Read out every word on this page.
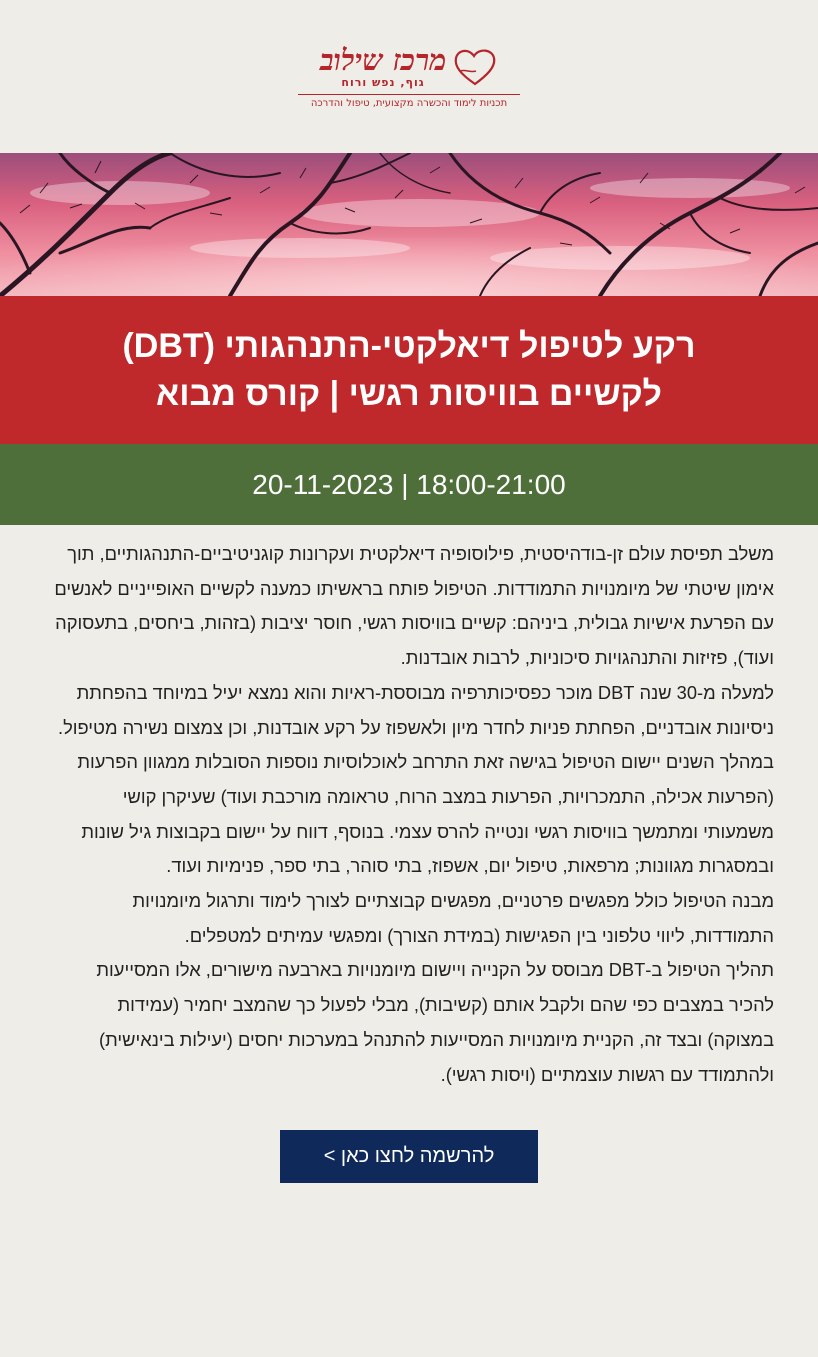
מרכז שילוב
גוף, נפש ורוח
תכניות לימוד והכשרה מקצועית, טיפול והדרכה
רקע לטיפול דיאלקטי-התנהגותי (DBT)
לקשיים בוויסות רגשי | קורס מבוא
20-11-2023 | 18:00-21:00

משלב תפיסת עולם זן-בודהיסטית, פילוסופיה דיאלקטית ועקרונות קוגניטיביים-התנהגותיים, תוך אימון שיטתי של מיומנויות התמודדות. הטיפול פותח בראשיתו כמענה לקשיים האופייניים לאנשים עם הפרעת אישיות גבולית, ביניהם: קשיים בוויסות רגשי, חוסר יציבות (בזהות, ביחסים, בתעסוקה ועוד), פזיזות והתנהגויות סיכוניות, לרבות אובדנות.

למעלה מ-30 שנה DBT מוכר כפסיכותרפיה מבוססת-ראיות והוא נמצא יעיל במיוחד בהפחתת ניסיונות אובדניים, הפחתת פניות לחדר מיון ולאשפוז על רקע אובדנות, וכן צמצום נשירה מטיפול.

במהלך השנים יישום הטיפול בגישה זאת התרחב לאוכלוסיות נוספות הסובלות ממגוון הפרעות (הפרעות אכילה, התמכרויות, הפרעות במצב הרוח, טראומה מורכבת ועוד) שעיקרן קושי משמעותי ומתמשך בוויסות רגשי ונטייה להרס עצמי. בנוסף, דווח על יישום בקבוצות גיל שונות ובמסגרות מגוונות; מרפאות, טיפול יום, אשפוז, בתי סוהר, בתי ספר, פנימיות ועוד.

מבנה הטיפול כולל מפגשים פרטניים, מפגשים קבוצתיים לצורך לימוד ותרגול מיומנויות התמודדות, ליווי טלפוני בין הפגישות (במידת הצורך) ומפגשי עמיתים למטפלים.

תהליך הטיפול ב-DBT מבוסס על הקנייה ויישום מיומנויות בארבעה מישורים, אלו המסייעות להכיר במצבים כפי שהם ולקבל אותם (קשיבות), מבלי לפעול כך שהמצב יחמיר (עמידות במצוקה) ובצד זה, הקניית מיומנויות המסייעות להתנהל במערכות יחסים (יעילות בינאישית) ולהתמודד עם רגשות עוצמתיים (ויסות רגשי).

להרשמה לחצו כאן >
